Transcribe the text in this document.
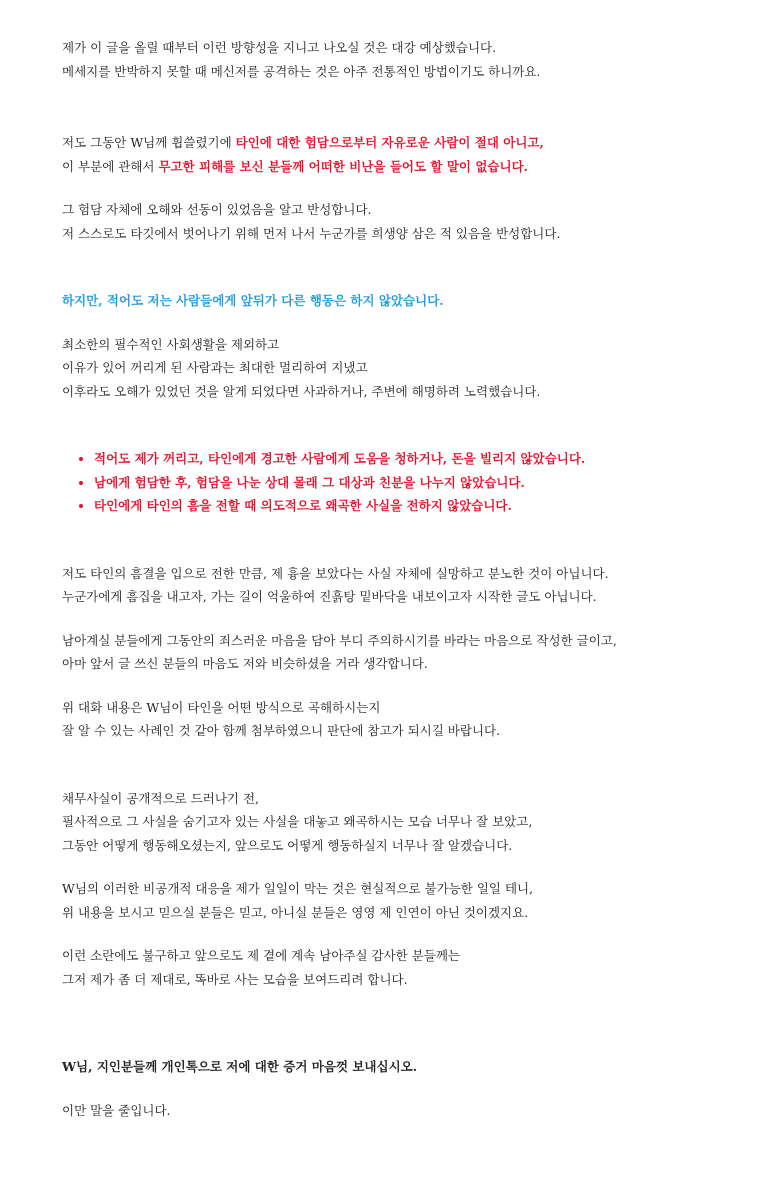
제가 이 글을 올릴 때부터 이런 방향성을 지니고 나오실 것은 대강 예상했습니다.
메세지를 반박하지 못할 때 메신저를 공격하는 것은 아주 전통적인 방법이기도 하니까요.

저도 그동안 W님께 휩쓸렸기에 타인에 대한 험담으로부터 자유로운 사람이 절대 아니고,
이 부분에 관해서 무고한 피해를 보신 분들께 어떠한 비난을 들어도 할 말이 없습니다.

그 험담 자체에 오해와 선동이 있었음을 알고 반성합니다.
저 스스로도 타깃에서 벗어나기 위해 먼저 나서 누군가를 희생양 삼은 적 있음을 반성합니다.

하지만, 적어도 저는 사람들에게 앞뒤가 다른 행동은 하지 않았습니다.

최소한의 필수적인 사회생활을 제외하고
이유가 있어 꺼리게 된 사람과는 최대한 멀리하여 지냈고
이후라도 오해가 있었던 것을 알게 되었다면 사과하거나, 주변에 해명하려 노력했습니다.

• 적어도 제가 꺼리고, 타인에게 경고한 사람에게 도움을 청하거나, 돈을 빌리지 않았습니다.
• 남에게 험담한 후, 험담을 나눈 상대 몰래 그 대상과 친분을 나누지 않았습니다.
• 타인에게 타인의 흠을 전할 때 의도적으로 왜곡한 사실을 전하지 않았습니다.

저도 타인의 흠결을 입으로 전한 만큼, 제 흉을 보았다는 사실 자체에 실망하고 분노한 것이 아닙니다.
누군가에게 흠집을 내고자, 가는 길이 억울하여 진흙탕 밑바닥을 내보이고자 시작한 글도 아닙니다.

남아계실 분들에게 그동안의 죄스러운 마음을 담아 부디 주의하시기를 바라는 마음으로 작성한 글이고,
아마 앞서 글 쓰신 분들의 마음도 저와 비슷하셨을 거라 생각합니다.

위 대화 내용은 W님이 타인을 어떤 방식으로 곡해하시는지
잘 알 수 있는 사례인 것 같아 함께 첨부하였으니 판단에 참고가 되시길 바랍니다.

채무사실이 공개적으로 드러나기 전,
필사적으로 그 사실을 숨기고자 있는 사실을 대놓고 왜곡하시는 모습 너무나 잘 보았고,
그동안 어떻게 행동해오셨는지, 앞으로도 어떻게 행동하실지 너무나 잘 알겠습니다.

W님의 이러한 비공개적 대응을 제가 일일이 막는 것은 현실적으로 불가능한 일일 테니,
위 내용을 보시고 믿으실 분들은 믿고, 아니실 분들은 영영 제 인연이 아닌 것이겠지요.

이런 소란에도 불구하고 앞으로도 제 곁에 계속 남아주실 감사한 분들께는
그저 제가 좀 더 제대로, 똑바로 사는 모습을 보여드리려 합니다.

W님, 지인분들께 개인톡으로 저에 대한 증거 마음껏 보내십시오.

이만 말을 줄입니다.
